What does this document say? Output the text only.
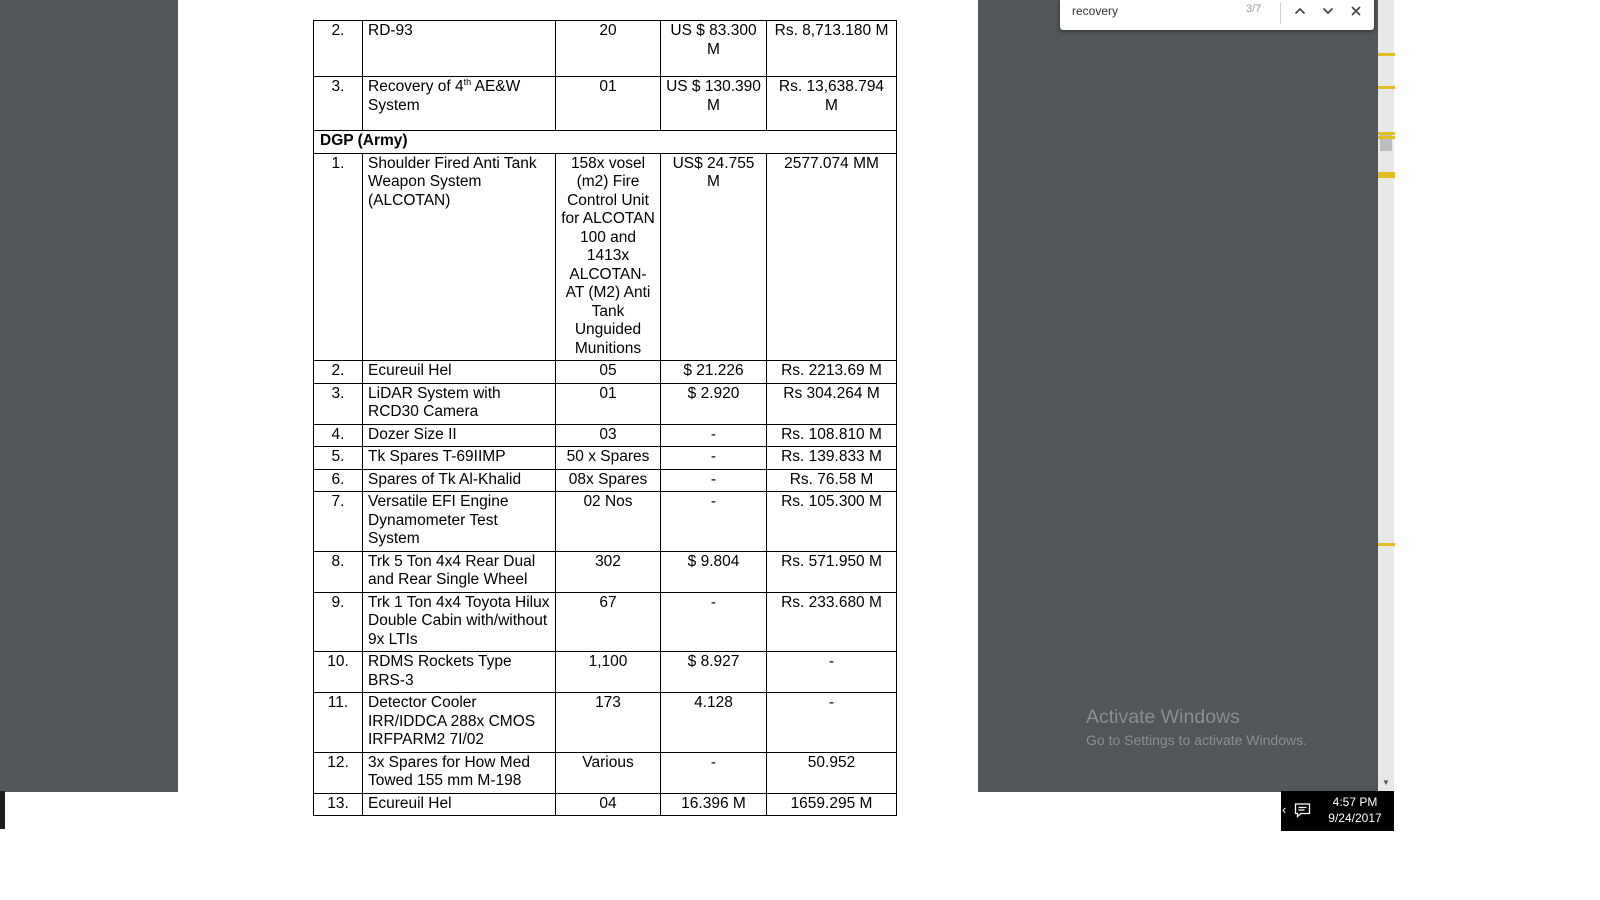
2.	RD-93	20	US $ 83.300 M	Rs. 8,713.180 M
3.	Recovery of 4th AE&W System	01	US $ 130.390 M	Rs. 13,638.794 M
DGP (Army)				
1.	Shoulder Fired Anti Tank Weapon System (ALCOTAN)	158x vosel (m2) Fire Control Unit for ALCOTAN 100 and 1413x ALCOTAN-AT (M2) Anti Tank Unguided Munitions	US$ 24.755 M	2577.074 MM
2.	Ecureuil Hel	05	$ 21.226	Rs. 2213.69 M
3.	LiDAR System with RCD30 Camera	01	$ 2.920	Rs 304.264 M
4.	Dozer Size II	03	-	Rs. 108.810 M
5.	Tk Spares T-69IIMP	50 x Spares	-	Rs. 139.833 M
6.	Spares of Tk Al-Khalid	08x Spares	-	Rs. 76.58 M
7.	Versatile EFI Engine Dynamometer Test System	02 Nos	-	Rs. 105.300 M
8.	Trk 5 Ton 4x4 Rear Dual and Rear Single Wheel	302	$ 9.804	Rs. 571.950 M
9.	Trk 1 Ton 4x4 Toyota Hilux Double Cabin with/without 9x LTIs	67	-	Rs. 233.680 M
10.	RDMS Rockets Type BRS-3	1,100	$ 8.927	-
11.	Detector Cooler IRR/IDDCA 288x CMOS IRFPARM2 7I/02	173	4.128	-
12.	3x Spares for How Med Towed 155 mm M-198	Various	-	50.952
13.	Ecureuil Hel	04	16.396 M	1659.295 M
▼
recovery
3/7
Activate Windows
Go to Settings to activate Windows.
‹	4:57 PM
9/24/2017
